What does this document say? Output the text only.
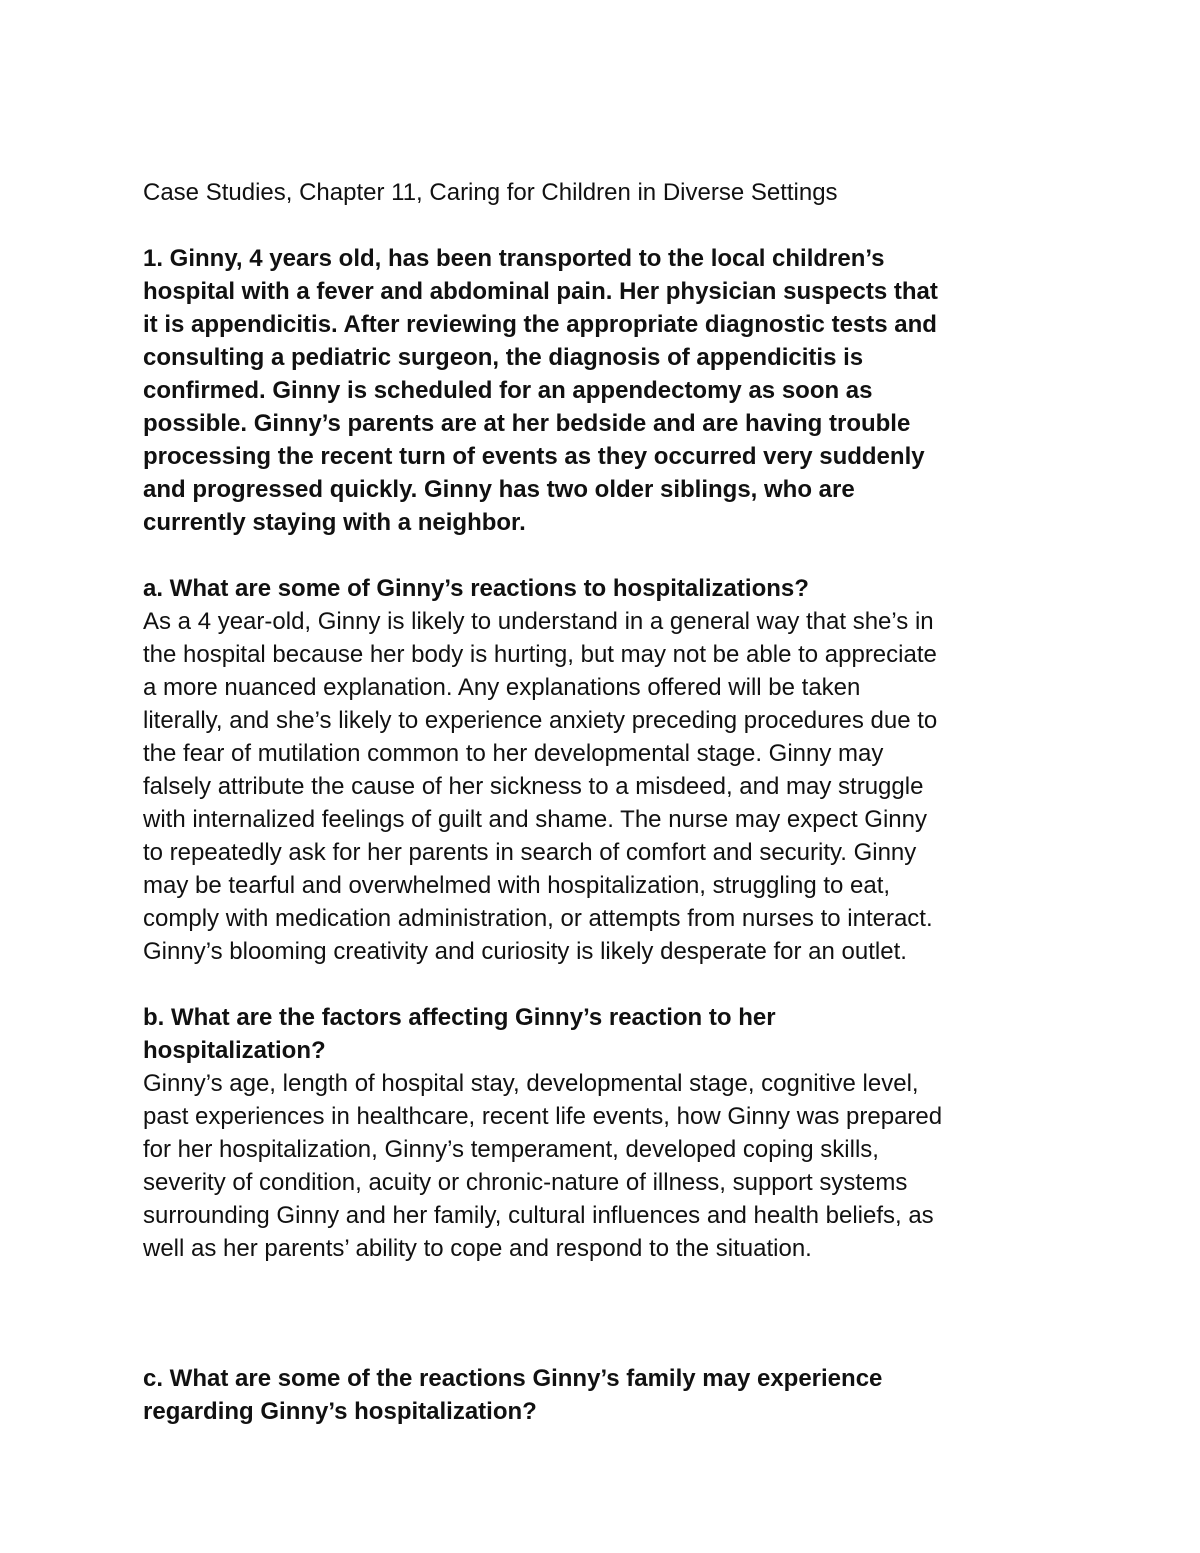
Case Studies, Chapter 11, Caring for Children in Diverse Settings

1. Ginny, 4 years old, has been transported to the local children’s
hospital with a fever and abdominal pain. Her physician suspects that
it is appendicitis. After reviewing the appropriate diagnostic tests and
consulting a pediatric surgeon, the diagnosis of appendicitis is
confirmed. Ginny is scheduled for an appendectomy as soon as
possible. Ginny’s parents are at her bedside and are having trouble
processing the recent turn of events as they occurred very suddenly
and progressed quickly. Ginny has two older siblings, who are
currently staying with a neighbor.

a. What are some of Ginny’s reactions to hospitalizations?

As a 4 year-old, Ginny is likely to understand in a general way that she’s in
the hospital because her body is hurting, but may not be able to appreciate
a more nuanced explanation. Any explanations offered will be taken
literally, and she’s likely to experience anxiety preceding procedures due to
the fear of mutilation common to her developmental stage. Ginny may
falsely attribute the cause of her sickness to a misdeed, and may struggle
with internalized feelings of guilt and shame. The nurse may expect Ginny
to repeatedly ask for her parents in search of comfort and security. Ginny
may be tearful and overwhelmed with hospitalization, struggling to eat,
comply with medication administration, or attempts from nurses to interact.
Ginny’s blooming creativity and curiosity is likely desperate for an outlet.

b. What are the factors affecting Ginny’s reaction to her
hospitalization?

Ginny’s age, length of hospital stay, developmental stage, cognitive level,
past experiences in healthcare, recent life events, how Ginny was prepared
for her hospitalization, Ginny’s temperament, developed coping skills,
severity of condition, acuity or chronic-nature of illness, support systems
surrounding Ginny and her family, cultural influences and health beliefs, as
well as her parents’ ability to cope and respond to the situation.

c. What are some of the reactions Ginny’s family may experience
regarding Ginny’s hospitalization?
